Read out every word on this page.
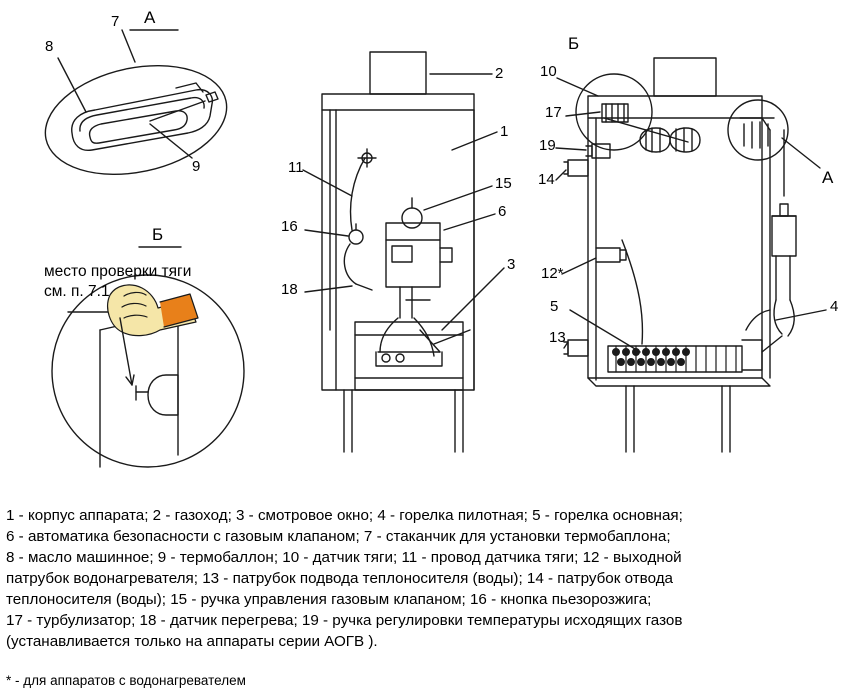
А
Б
Б
А
место проверки тяги
см. п. 7.1
7
8
9
2
1
11
15
16
6
18
3
10
17
19
14
12*
5
13
4
1 - корпус аппарата; 2 - газоход; 3 - смотровое окно; 4 - горелка пилотная; 5 - горелка основная;
6 - автоматика безопасности с газовым клапаном; 7 - стаканчик для установки термобаплона;
8 - масло машинное; 9 - термобаллон; 10 - датчик тяги; 11 - провод датчика тяги; 12 - выходной
патрубок водонагревателя; 13 - патрубок подвода теплоносителя (воды); 14 - патрубок отвода
теплоносителя (воды); 15 - ручка управления газовым клапаном; 16 - кнопка пьезорозжига;
17 - турбулизатор; 18 - датчик перегрева; 19 - ручка регулировки температуры исходящих газов
(устанавливается только на аппараты серии АОГВ ).
* - для аппаратов с водонагревателем
